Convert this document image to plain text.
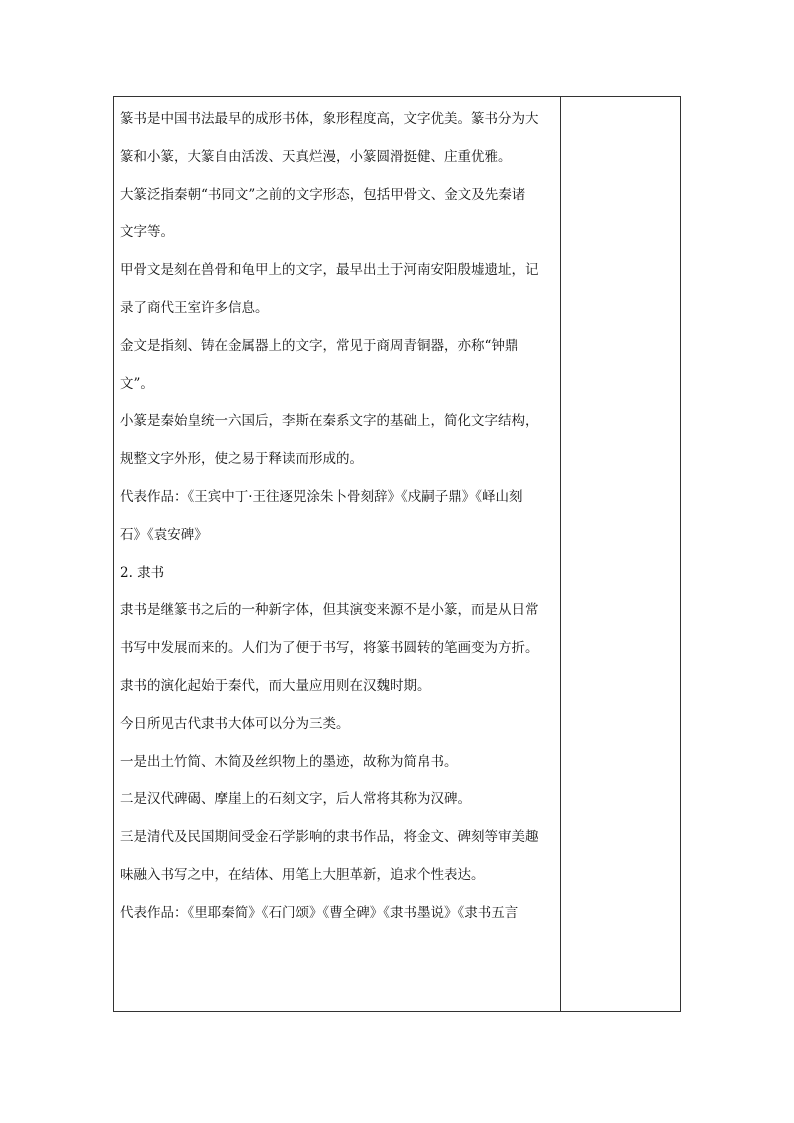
篆书是中国书法最早的成形书体，象形程度高，文字优美。篆书分为大
篆和小篆，大篆自由活泼、天真烂漫，小篆圆滑挺健、庄重优雅。
大篆泛指秦朝“书同文”之前的文字形态，包括甲骨文、金文及先秦诸
文字等。
甲骨文是刻在兽骨和龟甲上的文字，最早出土于河南安阳殷墟遗址，记
录了商代王室许多信息。
金文是指刻、铸在金属器上的文字，常见于商周青铜器，亦称“钟鼎
文”。
小篆是秦始皇统一六国后，李斯在秦系文字的基础上，简化文字结构，
规整文字外形，使之易于释读而形成的。
代表作品：《王宾中丁·王往逐兕涂朱卜骨刻辞》《戍嗣子鼎》《峄山刻
石》《袁安碑》
2. 隶书
隶书是继篆书之后的一种新字体，但其演变来源不是小篆，而是从日常
书写中发展而来的。人们为了便于书写，将篆书圆转的笔画变为方折。
隶书的演化起始于秦代，而大量应用则在汉魏时期。
今日所见古代隶书大体可以分为三类。
一是出土竹简、木简及丝织物上的墨迹，故称为简帛书。
二是汉代碑碣、摩崖上的石刻文字，后人常将其称为汉碑。
三是清代及民国期间受金石学影响的隶书作品，将金文、碑刻等审美趣
味融入书写之中，在结体、用笔上大胆革新，追求个性表达。
代表作品：《里耶秦简》《石门颂》《曹全碑》《隶书墨说》《隶书五言
